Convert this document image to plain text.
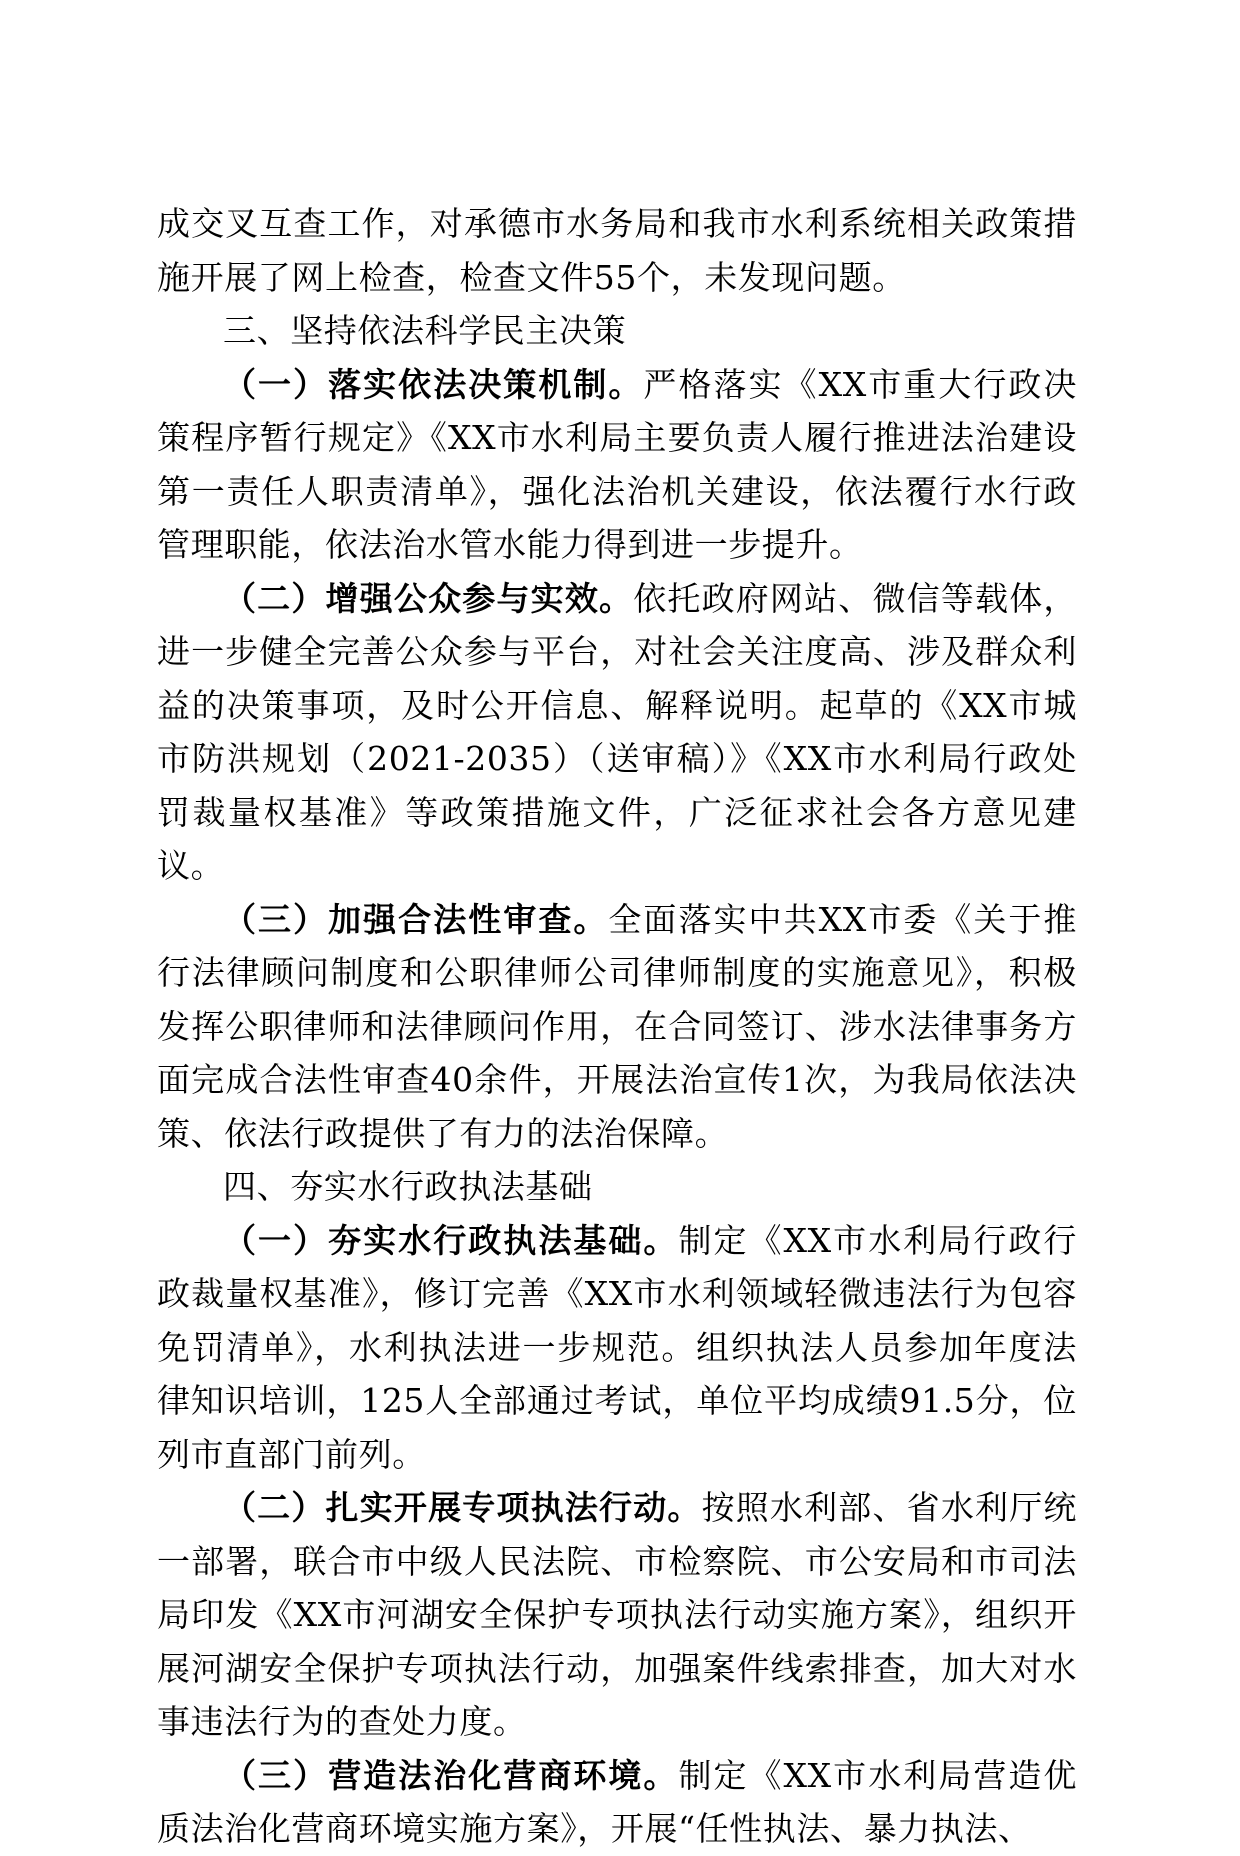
成交叉互查工作，对承德市水务局和我市水利系统相关政策措施开展了网上检查，检查文件55个，未发现问题。

三、坚持依法科学民主决策

（一）落实依法决策机制。严格落实《XX市重大行政决策程序暂行规定》《XX市水利局主要负责人履行推进法治建设第一责任人职责清单》，强化法治机关建设，依法覆行水行政管理职能，依法治水管水能力得到进一步提升。

（二）增强公众参与实效。依托政府网站、微信等载体，进一步健全完善公众参与平台，对社会关注度高、涉及群众利益的决策事项，及时公开信息、解释说明。起草的《XX市城市防洪规划（2021-2035）（送审稿）》《XX市水利局行政处罚裁量权基准》等政策措施文件，广泛征求社会各方意见建议。

（三）加强合法性审查。全面落实中共XX市委《关于推行法律顾问制度和公职律师公司律师制度的实施意见》，积极发挥公职律师和法律顾问作用，在合同签订、涉水法律事务方面完成合法性审查40余件，开展法治宣传1次，为我局依法决策、依法行政提供了有力的法治保障。

四、夯实水行政执法基础

（一）夯实水行政执法基础。制定《XX市水利局行政行政裁量权基准》，修订完善《XX市水利领域轻微违法行为包容免罚清单》，水利执法进一步规范。组织执法人员参加年度法律知识培训，125人全部通过考试，单位平均成绩91.5分，位列市直部门前列。

（二）扎实开展专项执法行动。按照水利部、省水利厅统一部署，联合市中级人民法院、市检察院、市公安局和市司法局印发《XX市河湖安全保护专项执法行动实施方案》，组织开展河湖安全保护专项执法行动，加强案件线索排查，加大对水事违法行为的查处力度。

（三）营造法治化营商环境。制定《XX市水利局营造优质法治化营商环境实施方案》，开展“任性执法、暴力执法、
